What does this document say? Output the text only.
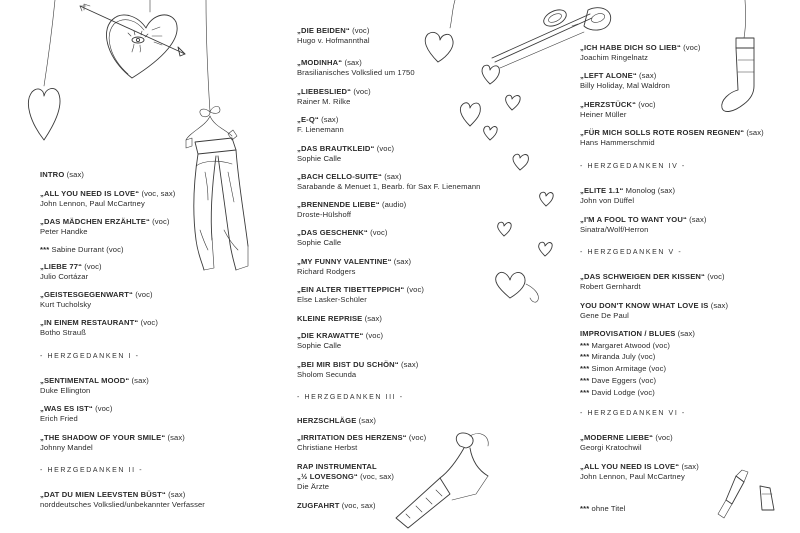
INTRO (sax)
„ALL YOU NEED IS LOVE“ (voc, sax)
John Lennon, Paul McCartney
„DAS MÄDCHEN ERZÄHLTE“ (voc)
Peter Handke
*** Sabine Durrant (voc)
„LIEBE 77“ (voc)
Julio Cortázar
„GEISTESGEGENWART“ (voc)
Kurt Tucholsky
„IN EINEM RESTAURANT“ (voc)
Botho Strauß
- HERZGEDANKEN I -
„SENTIMENTAL MOOD“ (sax)
Duke Ellington
„WAS ES IST“ (voc)
Erich Fried
„THE SHADOW OF YOUR SMILE“ (sax)
Johnny Mandel
- HERZGEDANKEN II -
„DAT DU MIEN LEEVSTEN BÜST“ (sax)
norddeutsches Volkslied/unbekannter Verfasser
„DIE BEIDEN“ (voc)
Hugo v. Hofmannthal
„MODINHA“ (sax)
Brasilianisches Volkslied um 1750
„LIEBESLIED“ (voc)
Rainer M. Rilke
„E-Q“ (sax)
F. Lienemann
„DAS BRAUTKLEID“ (voc)
Sophie Calle
„BACH CELLO-SUITE“ (sax)
Sarabande & Menuet 1, Bearb. für Sax F. Lienemann
„BRENNENDE LIEBE“ (audio)
Droste-Hülshoff
„DAS GESCHENK“ (voc)
Sophie Calle
„MY FUNNY VALENTINE“ (sax)
Richard Rodgers
„EIN ALTER TIBETTEPPICH“ (voc)
Else Lasker-Schüler
KLEINE REPRISE (sax)
„DIE KRAWATTE“ (voc)
Sophie Calle
„BEI MIR BIST DU SCHÖN“ (sax)
Sholom Secunda
- HERZGEDANKEN III -
HERZSCHLÄGE (sax)
„IRRITATION DES HERZENS“ (voc)
Christiane Herbst
RAP INSTRUMENTAL
„½ LOVESONG“ (voc, sax)
Die Ärzte
ZUGFAHRT (voc, sax)
„ICH HABE DICH SO LIEB“ (voc)
Joachim Ringelnatz
„LEFT ALONE“ (sax)
Billy Holiday, Mal Waldron
„HERZSTÜCK“ (voc)
Heiner Müller
„FÜR MICH SOLLS ROTE ROSEN REGNEN“ (sax)
Hans Hammerschmid
- HERZGEDANKEN IV -
„ELITE 1.1“ Monolog (sax)
John von Düffel
„I'M A FOOL TO WANT YOU“ (sax)
Sinatra/Wolf/Herron
- HERZGEDANKEN V -
„DAS SCHWEIGEN DER KISSEN“ (voc)
Robert Gernhardt
YOU DON'T KNOW WHAT LOVE IS (sax)
Gene De Paul
IMPROVISATION / BLUES (sax)
*** Margaret Atwood (voc)
*** Miranda July (voc)
*** Simon Armitage (voc)
*** Dave Eggers (voc)
*** David Lodge (voc)
- HERZGEDANKEN VI -
„MODERNE LIEBE“ (voc)
Georgi Kratochwil
„ALL YOU NEED IS LOVE“ (sax)
John Lennon, Paul McCartney
*** ohne Titel
